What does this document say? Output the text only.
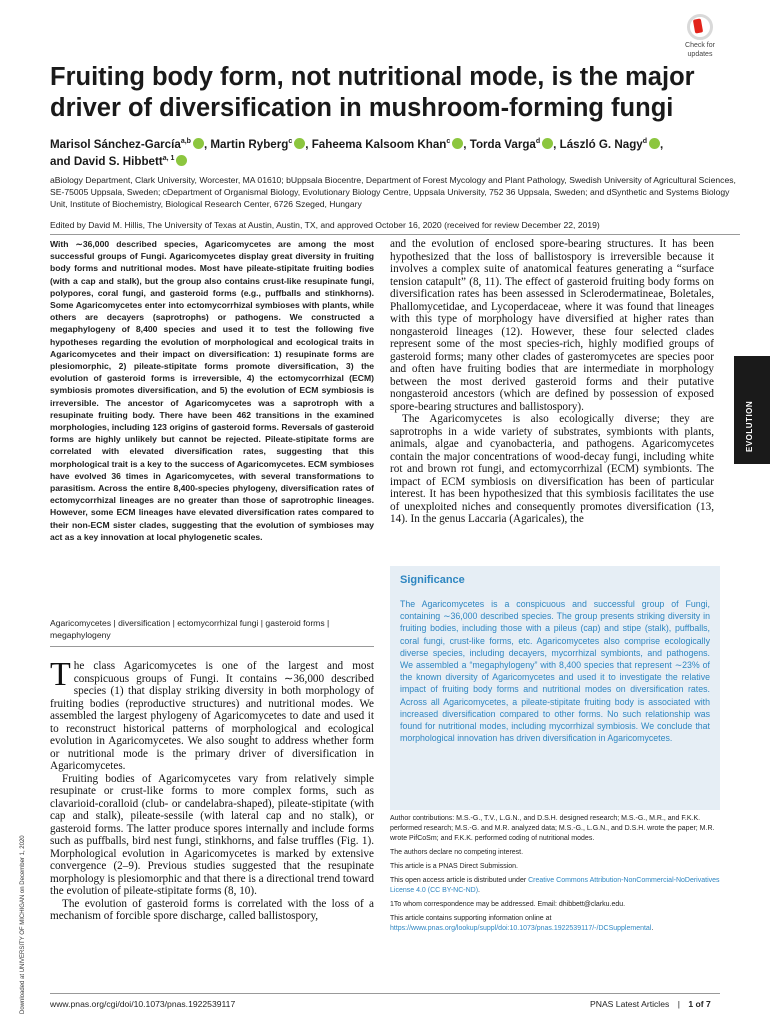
Check for
updates
Fruiting body form, not nutritional mode, is the major driver of diversification in mushroom-forming fungi
Marisol Sánchez-García$^{a,b}$ , Martin Ryberg$^c$ , Faheema Kalsoom Khan$^c$ , Torda Varga$^d$ , László G. Nagy$^d$ ,
and David S. Hibbett$^{a, 1}$
aBiology Department, Clark University, Worcester, MA 01610; bUppsala Biocentre, Department of Forest Mycology and Plant Pathology, Swedish University of Agricultural Sciences, SE-75005 Uppsala, Sweden; cDepartment of Organismal Biology, Evolutionary Biology Centre, Uppsala University, 752 36 Uppsala, Sweden; and dSynthetic and Systems Biology Unit, Institute of Biochemistry, Biological Research Center, 6726 Szeged, Hungary
Edited by David M. Hillis, The University of Texas at Austin, Austin, TX, and approved October 16, 2020 (received for review December 22, 2019)
With ∼36,000 described species, Agaricomycetes are among the most successful groups of Fungi. Agaricomycetes display great diversity in fruiting body forms and nutritional modes. Most have pileate-stipitate fruiting bodies (with a cap and stalk), but the group also contains crust-like resupinate fungi, polypores, coral fungi, and gasteroid forms (e.g., puffballs and stinkhorns). Some Agaricomycetes enter into ectomycorrhizal symbioses with plants, while others are decayers (saprotrophs) or pathogens. We constructed a megaphylogeny of 8,400 species and used it to test the following five hypotheses regarding the evolution of morphological and ecological traits in Agaricomycetes and their impact on diversification: 1) resupinate forms are plesiomorphic, 2) pileate-stipitate forms promote diversification, 3) the evolution of gasteroid forms is irreversible, 4) the ectomycorrhizal (ECM) symbiosis promotes diversification, and 5) the evolution of ECM symbiosis is irreversible. The ancestor of Agaricomycetes was a saprotroph with a resupinate fruiting body. There have been 462 transitions in the examined morphologies, including 123 origins of gasteroid forms. Reversals of gasteroid forms are highly unlikely but cannot be rejected. Pileate-stipitate forms are correlated with elevated diversification rates, suggesting that this morphological trait is a key to the success of Agaricomycetes. ECM symbioses have evolved 36 times in Agaricomycetes, with several transformations to parasitism. Across the entire 8,400-species phylogeny, diversification rates of ectomycorrhizal lineages are no greater than those of saprotrophic lineages. However, some ECM lineages have elevated diversification rates compared to their non-ECM sister clades, suggesting that the evolution of symbioses may act as a key innovation at local phylogenetic scales.
Agaricomycetes | diversification | ectomycorrhizal fungi | gasteroid forms | megaphylogeny

The class Agaricomycetes is one of the largest and most conspicuous groups of Fungi. It contains ∼36,000 described species (1) that display striking diversity in both morphology of fruiting bodies (reproductive structures) and nutritional modes. We assembled the largest phylogeny of Agaricomycetes to date and used it to reconstruct historical patterns of morphological and ecological evolution in Agaricomycetes. We also sought to address whether form or nutritional mode is the primary driver of diversification in Agaricomycetes.

Fruiting bodies of Agaricomycetes vary from relatively simple resupinate or crust-like forms to more complex forms, such as clavarioid-coralloid (club- or candelabra-shaped), pileate-stipitate (with cap and stalk), pileate-sessile (with lateral cap and no stalk), or gasteroid forms. The latter produce spores internally and include forms such as puffballs, bird nest fungi, stinkhorns, and false truffles (Fig. 1). Morphological evolution in Agaricomycetes is marked by extensive convergence (2–9). Previous studies suggested that the resupinate morphology is plesiomorphic and that there is a directional trend toward the evolution of pileate-stipitate forms (8, 10).

The evolution of gasteroid forms is correlated with the loss of a mechanism of forcible spore discharge, called ballistospory,

and the evolution of enclosed spore-bearing structures. It has been hypothesized that the loss of ballistospory is irreversible because it involves a complex suite of anatomical features generating a “surface tension catapult” (8, 11). The effect of gasteroid fruiting body forms on diversification rates has been assessed in Sclerodermatineae, Boletales, Phallomycetidae, and Lycoperdaceae, where it was found that lineages with this type of morphology have diversified at higher rates than nongasteroid lineages (12). However, these four selected clades represent some of the most species-rich, highly modified groups of gasteroid forms; many other clades of gasteromycetes are species poor and often have fruiting bodies that are intermediate in morphology between the most derived gasteroid forms and their putative nongasteroid ancestors (which are defined by possession of exposed spore-bearing structures and ballistospory).

The Agaricomycetes is also ecologically diverse; they are saprotrophs in a wide variety of substrates, symbionts with plants, animals, algae and cyanobacteria, and pathogens. Agaricomycetes contain the major concentrations of wood-decay fungi, including white rot and brown rot fungi, and ectomycorrhizal (ECM) symbionts. The impact of ECM symbiosis on diversification has been of particular interest. It has been hypothesized that this symbiosis facilitates the use of unexploited niches and consequently promotes diversification (13, 14). In the genus Laccaria (Agaricales), the

Significance
The Agaricomycetes is a conspicuous and successful group of Fungi, containing ∼36,000 described species. The group presents striking diversity in fruiting bodies, including those with a pileus (cap) and stipe (stalk), puffballs, coral fungi, crust-like forms, etc. Agaricomycetes also comprise ecologically diverse species, including decayers, mycorrhizal symbionts, and pathogens. We assembled a “megaphylogeny” with 8,400 species that represent ∼23% of the known diversity of Agaricomycetes and used it to investigate the relative impact of fruiting body forms and nutritional modes on diversification rates. Across all Agaricomycetes, a pileate-stipitate fruiting body is associated with increased diversification compared to other forms. No such relationship was found for nutritional modes, including mycorrhizal symbiosis. We conclude that morphological innovation has driven diversification in Agaricomycetes.

Author contributions: M.S.-G., T.V., L.G.N., and D.S.H. designed research; M.S.-G., M.R., and F.K.K. performed research; M.S.-G. and M.R. analyzed data; M.S.-G., L.G.N., and D.S.H. wrote the paper; M.R. wrote PifCoSm; and F.K.K. performed coding of nutritional modes.

The authors declare no competing interest.

This article is a PNAS Direct Submission.

This open access article is distributed under Creative Commons Attribution-NonCommercial-NoDerivatives License 4.0 (CC BY-NC-ND).

1To whom correspondence may be addressed. Email: dhibbett@clarku.edu.

This article contains supporting information online at https://www.pnas.org/lookup/suppl/doi:10.1073/pnas.1922539117/-/DCSupplemental.

EVOLUTION
Downloaded at UNIVERSITY OF MICHIGAN on December 1, 2020	www.pnas.org/cgi/doi/10.1073/pnas.1922539117	PNAS Latest Articles | 1 of 7
